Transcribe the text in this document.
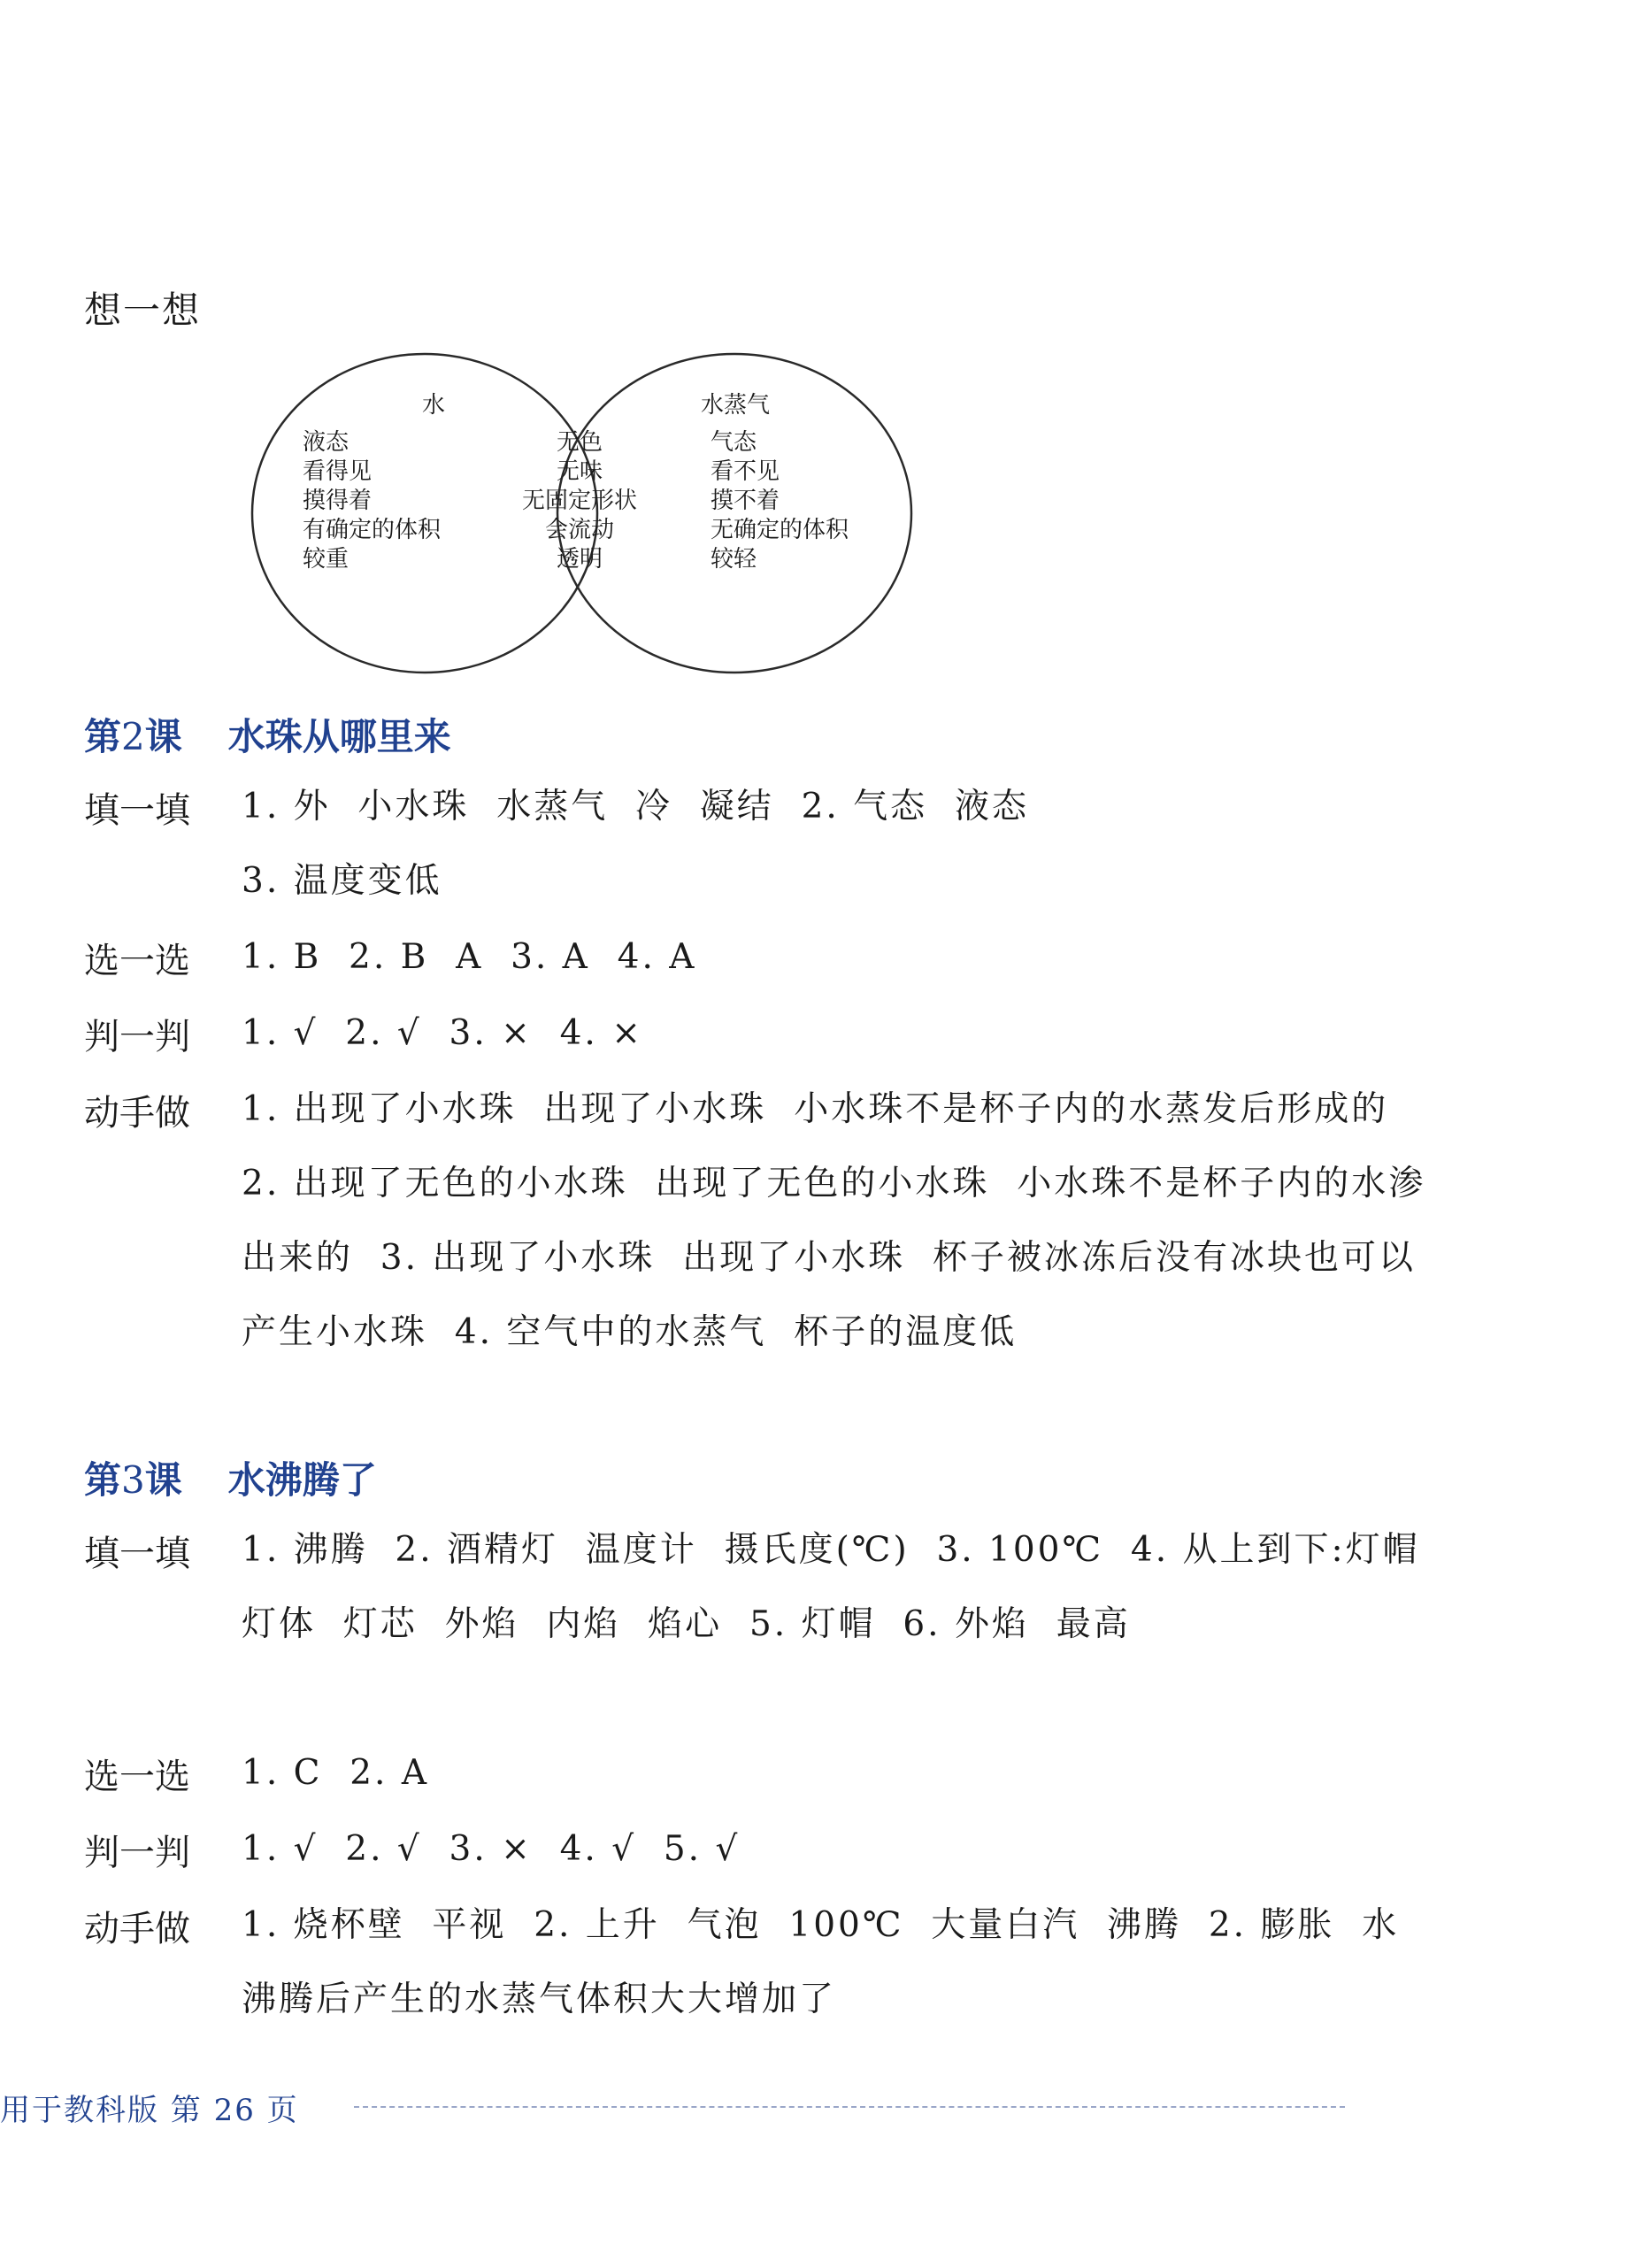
想一想
水	水蒸气
液态
看得见
摸得着
有确定的体积
较重
无色
无味
无固定形状
会流动
透明
气态
看不见
摸不着
无确定的体积
较轻
第2课 水珠从哪里来
填一填 1. 外  小水珠  水蒸气  冷  凝结  2. 气态  液态
3. 温度变低
选一选 1. B  2. B  A  3. A  4. A
判一判 1. √  2. √  3. ×  4. ×
动手做 1. 出现了小水珠  出现了小水珠  小水珠不是杯子内的水蒸发后形成的  2. 出现了无色的小水珠  出现了无色的小水珠  小水珠不是杯子内的水渗出来的  3. 出现了小水珠  出现了小水珠  杯子被冰冻后没有冰块也可以产生小水珠  4. 空气中的水蒸气  杯子的温度低
第3课 水沸腾了
填一填 1. 沸腾  2. 酒精灯  温度计  摄氏度(℃)  3. 100℃  4. 从上到下:灯帽  灯体  灯芯  外焰  内焰  焰心  5. 灯帽  6. 外焰  最高
选一选 1. C  2. A
判一判 1. √  2. √  3. ×  4. √  5. √
动手做 1. 烧杯壁  平视  2. 上升  气泡  100℃  大量白汽  沸腾  2. 膨胀  水沸腾后产生的水蒸气体积大大增加了
用于教科版 第 26 页
